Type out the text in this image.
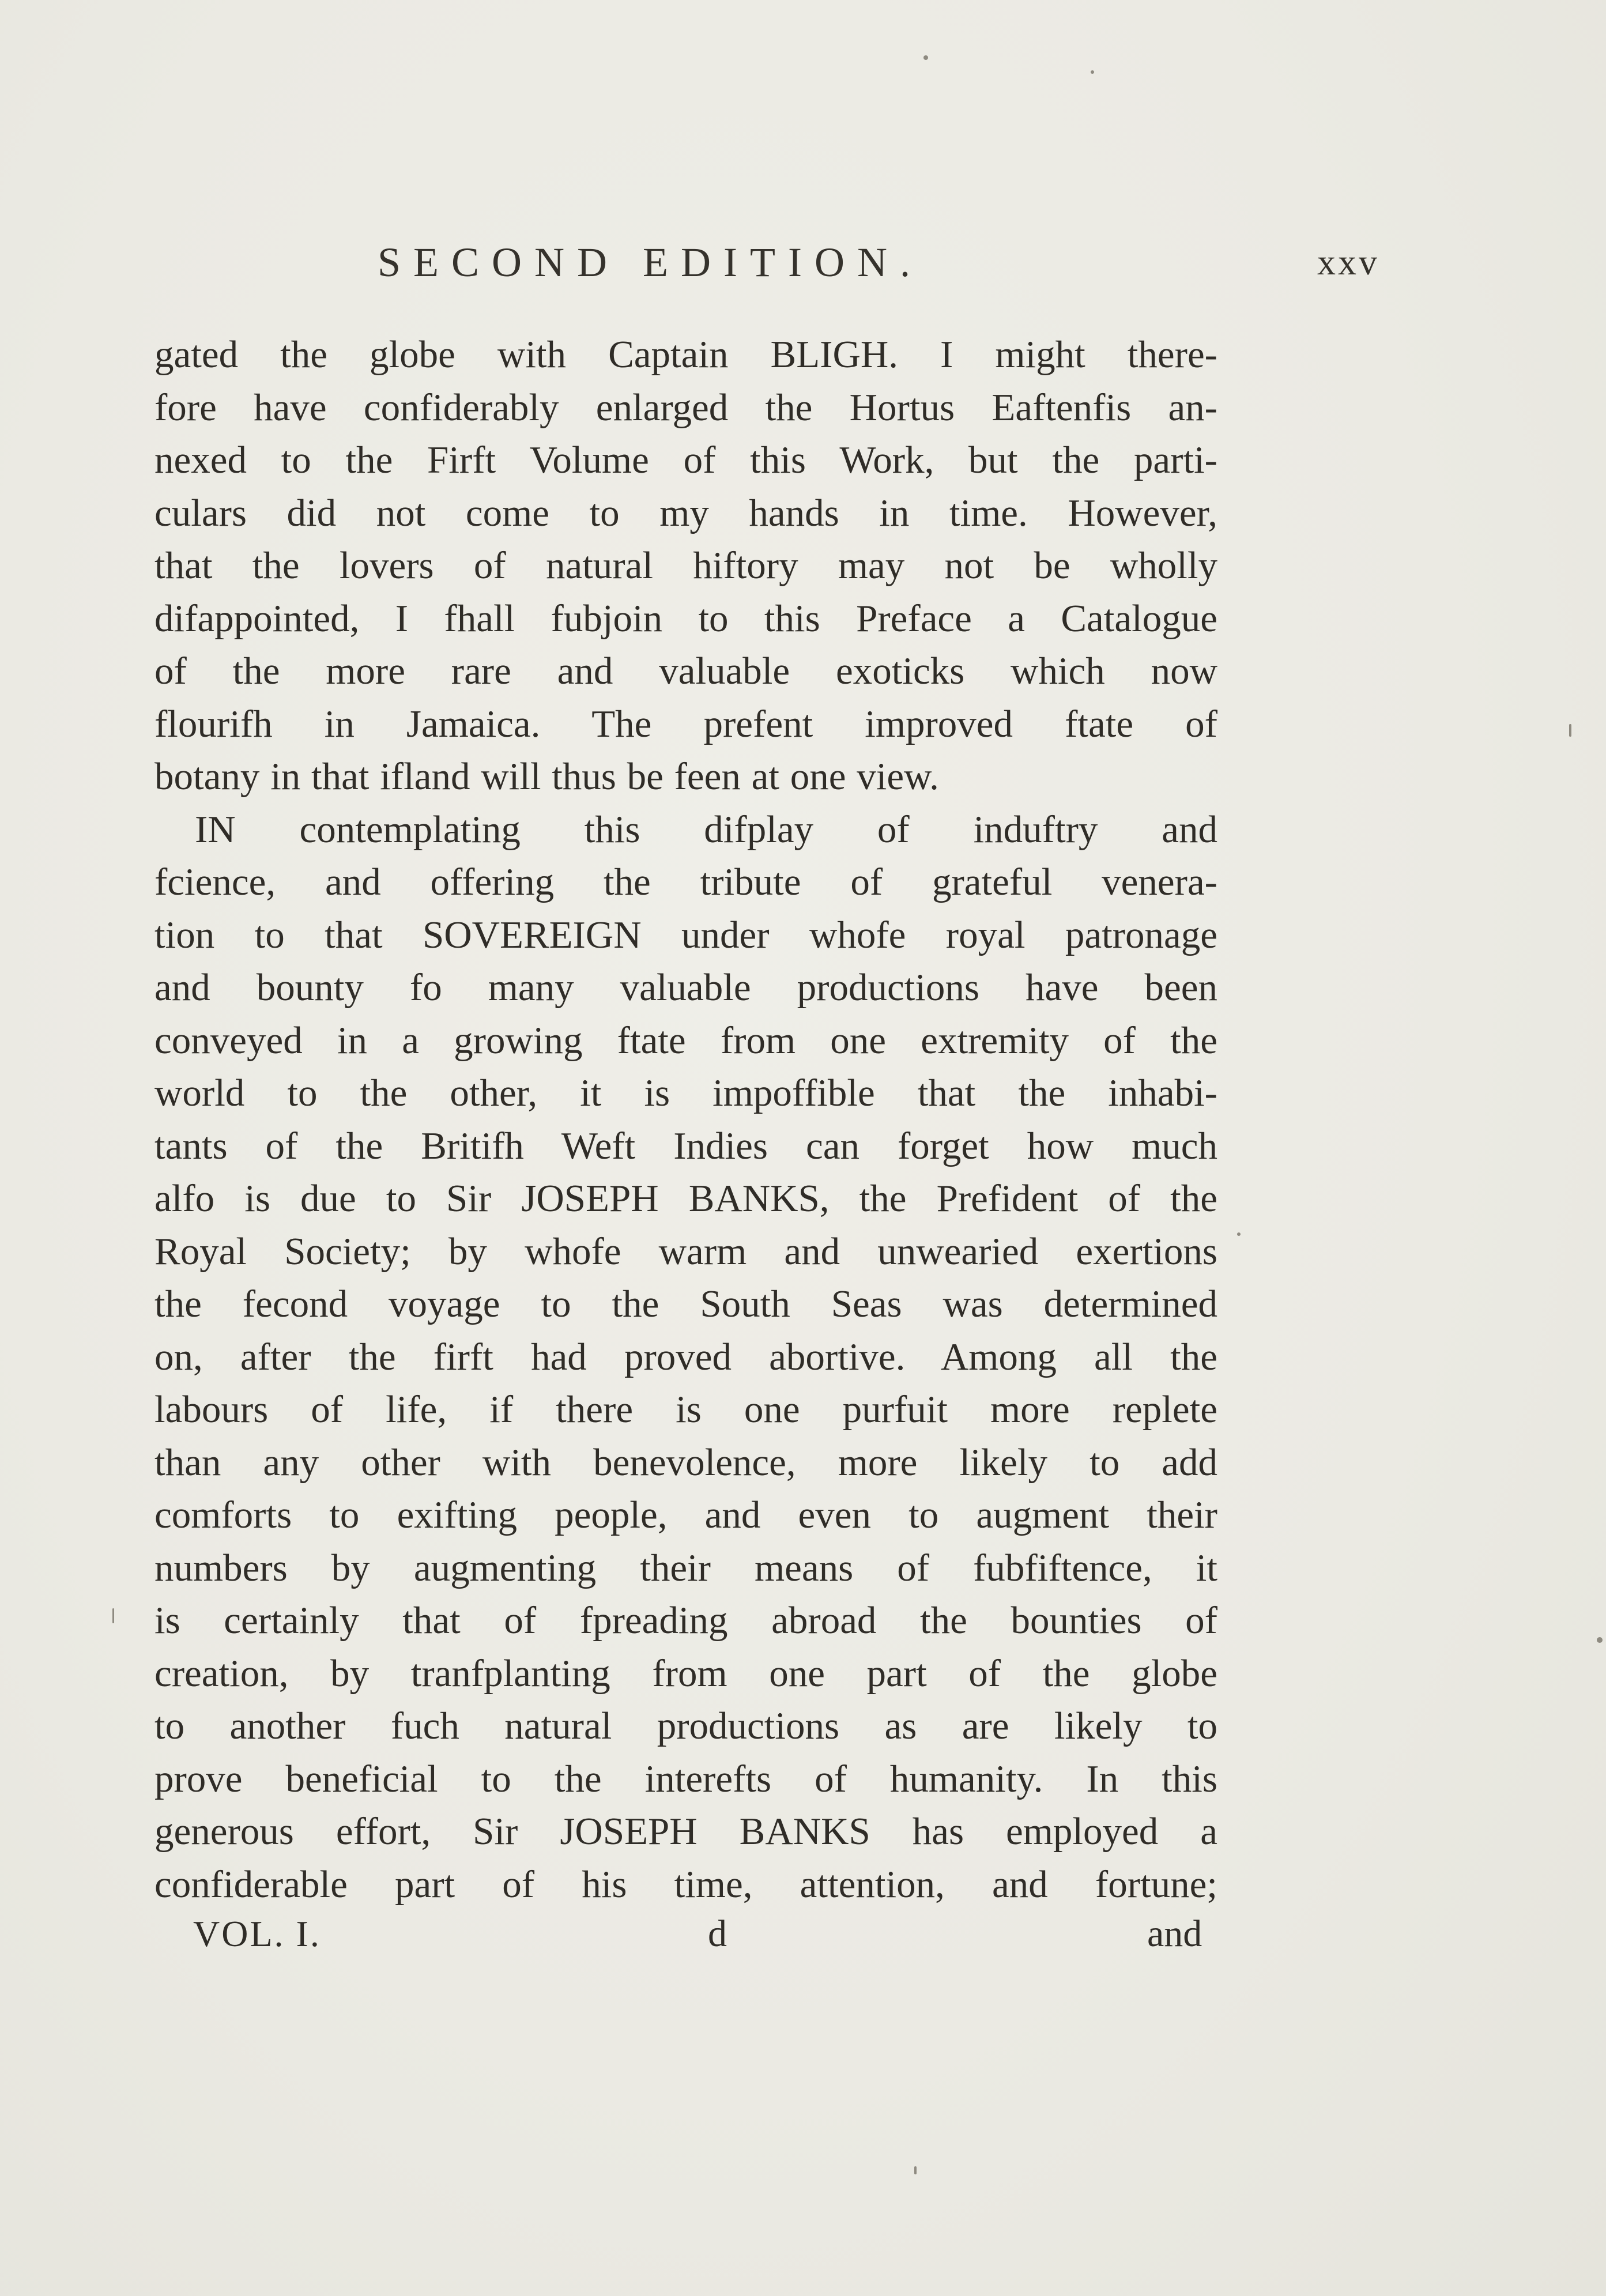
SECOND EDITION.	xxv
gated the globe with Captain BLIGH. I might there-
fore have confiderably enlarged the Hortus Eaftenfis an-
nexed to the Firft Volume of this Work, but the parti-
culars did not come to my hands in time. However,
that the lovers of natural hiftory may not be wholly
difappointed, I fhall fubjoin to this Preface a Catalogue
of the more rare and valuable exoticks which now
flourifh in Jamaica. The prefent improved ftate of
botany in that ifland will thus be feen at one view.
IN contemplating this difplay of induftry and
fcience, and offering the tribute of grateful venera-
tion to that SOVEREIGN under whofe royal patronage
and bounty fo many valuable productions have been
conveyed in a growing ftate from one extremity of the
world to the other, it is impoffible that the inhabi-
tants of the Britifh Weft Indies can forget how much
alfo is due to Sir JOSEPH BANKS, the Prefident of the
Royal Society; by whofe warm and unwearied exertions
the fecond voyage to the South Seas was determined
on, after the firft had proved abortive. Among all the
labours of life, if there is one purfuit more replete
than any other with benevolence, more likely to add
comforts to exifting people, and even to augment their
numbers by augmenting their means of fubfiftence, it
is certainly that of fpreading abroad the bounties of
creation, by tranfplanting from one part of the globe
to another fuch natural productions as are likely to
prove beneficial to the interefts of humanity. In this
generous effort, Sir JOSEPH BANKS has employed a
confiderable part of his time, attention, and fortune;
VOL. I.	d	and
